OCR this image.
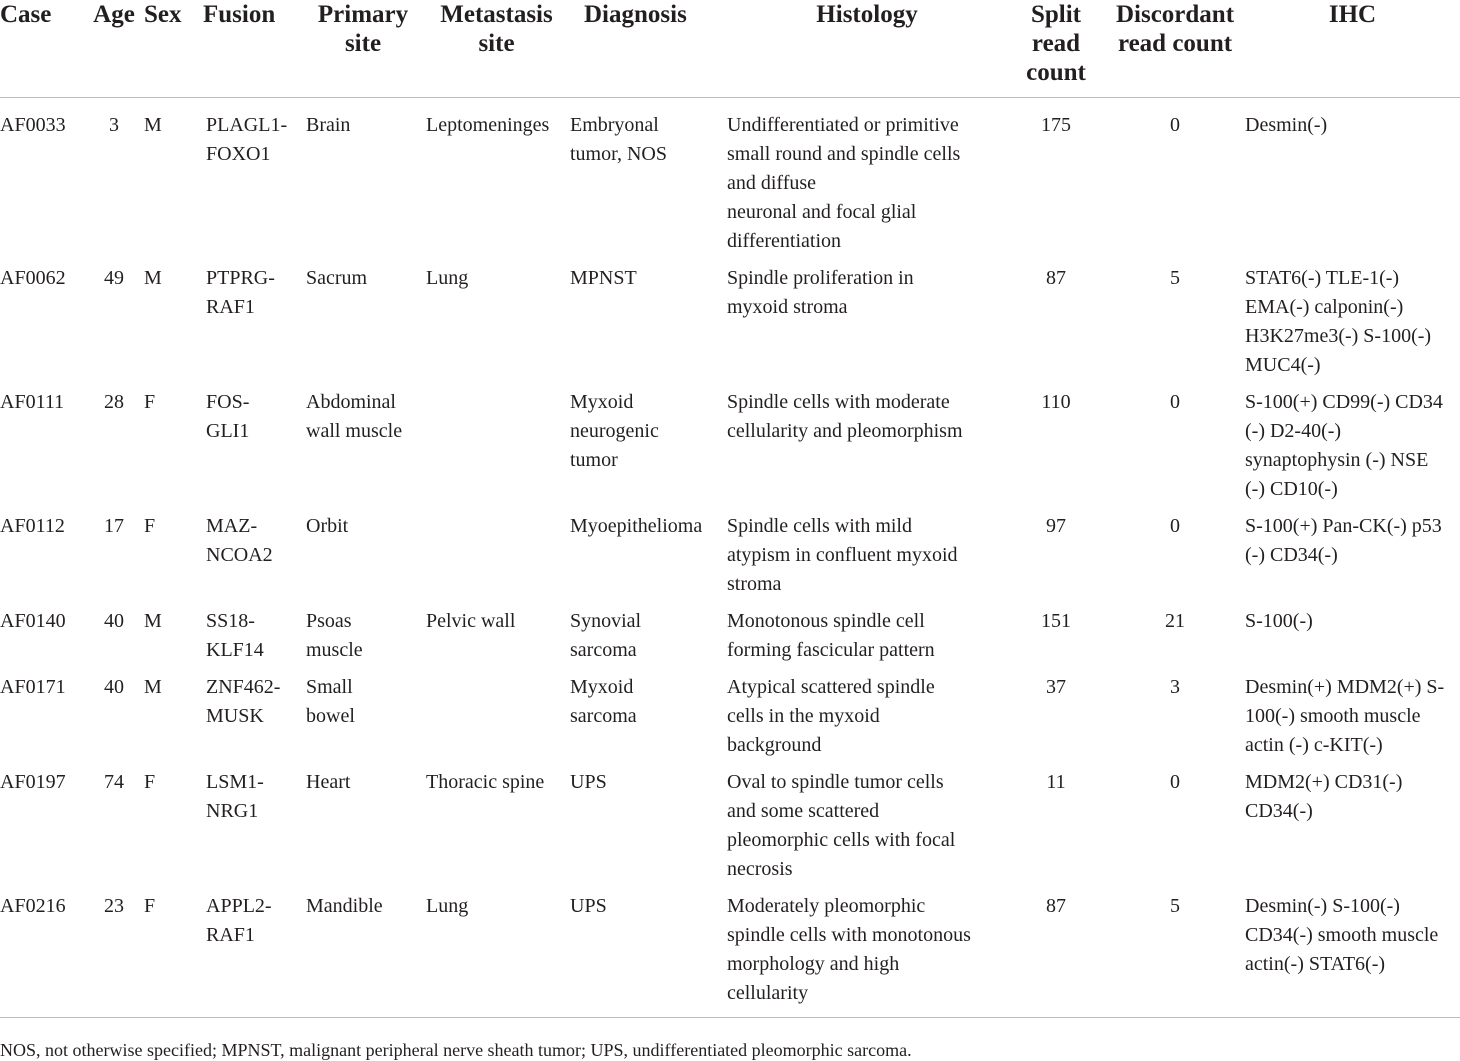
Case	Age	Sex	Fusion	Primary
site	Metastasis
site	Diagnosis	Histology	Split
read
count	Discordant
read count	IHC

AF0033	3	M	PLAGL1-
FOXO1	Brain	Leptomeninges	Embryonal
tumor, NOS	Undifferentiated or primitive
small round and spindle cells
and diffuse
neuronal and focal glial
differentiation	175	0	Desmin(-)

AF0062	49	M	PTPRG-
RAF1	Sacrum	Lung	MPNST	Spindle proliferation in
myxoid stroma	87	5	STAT6(-) TLE-1(-)
EMA(-) calponin(-)
H3K27me3(-) S-100(-)
MUC4(-)

AF0111	28	F	FOS-
GLI1	Abdominal
wall muscle		Myxoid
neurogenic
tumor	Spindle cells with moderate
cellularity and pleomorphism	110	0	S-100(+) CD99(-) CD34
(-) D2-40(-)
synaptophysin (-) NSE
(-) CD10(-)

AF0112	17	F	MAZ-
NCOA2	Orbit		Myoepithelioma	Spindle cells with mild
atypism in confluent myxoid
stroma	97	0	S-100(+) Pan-CK(-) p53
(-) CD34(-)

AF0140	40	M	SS18-
KLF14	Psoas
muscle	Pelvic wall	Synovial
sarcoma	Monotonous spindle cell
forming fascicular pattern	151	21	S-100(-)

AF0171	40	M	ZNF462-
MUSK	Small
bowel		Myxoid
sarcoma	Atypical scattered spindle
cells in the myxoid
background	37	3	Desmin(+) MDM2(+) S-
100(-) smooth muscle
actin (-) c-KIT(-)

AF0197	74	F	LSM1-
NRG1	Heart	Thoracic spine	UPS	Oval to spindle tumor cells
and some scattered
pleomorphic cells with focal
necrosis	11	0	MDM2(+) CD31(-)
CD34(-)

AF0216	23	F	APPL2-
RAF1	Mandible	Lung	UPS	Moderately pleomorphic
spindle cells with monotonous
morphology and high
cellularity	87	5	Desmin(-) S-100(-)
CD34(-) smooth muscle
actin(-) STAT6(-)
NOS, not otherwise specified; MPNST, malignant peripheral nerve sheath tumor; UPS, undifferentiated pleomorphic sarcoma.
